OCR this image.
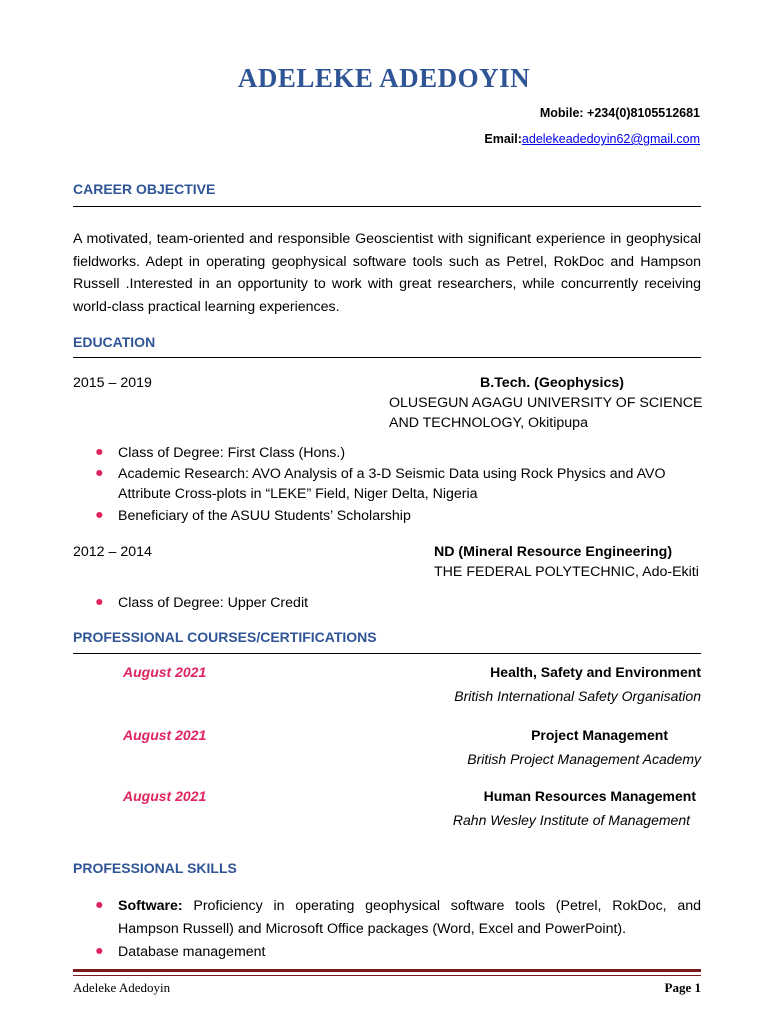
ADELEKE ADEDOYIN
Mobile: +234(0)8105512681
Email:adelekeadedoyin62@gmail.com
CAREER OBJECTIVE
A motivated, team-oriented and responsible Geoscientist with significant experience in geophysical fieldworks. Adept in operating geophysical software tools such as Petrel, RokDoc and Hampson Russell .Interested in an opportunity to work with great researchers, while concurrently receiving world-class practical learning experiences.
EDUCATION
2015 – 2019	B.Tech. (Geophysics)
OLUSEGUN AGAGU UNIVERSITY OF SCIENCE
AND TECHNOLOGY, Okitipupa
● Class of Degree: First Class (Hons.)
● Academic Research: AVO Analysis of a 3-D Seismic Data using Rock Physics and AVO Attribute Cross-plots in “LEKE” Field, Niger Delta, Nigeria
● Beneficiary of the ASUU Students’ Scholarship
2012 – 2014	ND (Mineral Resource Engineering)
THE FEDERAL POLYTECHNIC, Ado-Ekiti
● Class of Degree: Upper Credit
PROFESSIONAL COURSES/CERTIFICATIONS
August 2021	Health, Safety and Environment
British International Safety Organisation
August 2021	Project Management
British Project Management Academy
August 2021	Human Resources Management
Rahn Wesley Institute of Management
PROFESSIONAL SKILLS
● Software: Proficiency in operating geophysical software tools (Petrel, RokDoc, and Hampson Russell) and Microsoft Office packages (Word, Excel and PowerPoint).
● Database management
Adeleke Adedoyin	Page 1
